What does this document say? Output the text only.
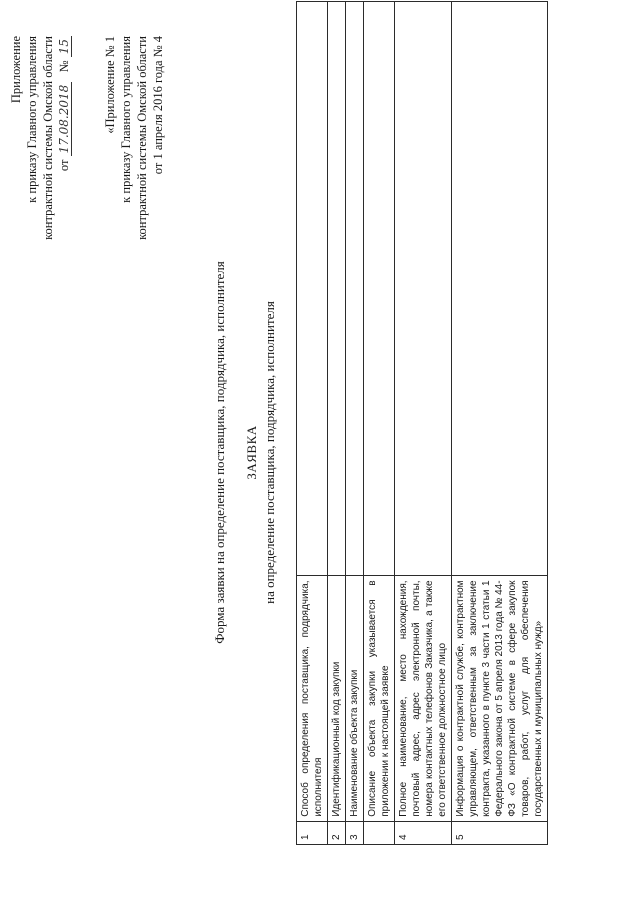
Приложение к приказу Главного управления контрактной системы Омской области от 17.08.2018   № 15	«Приложение № 1 к приказу Главного управления контрактной системы Омской области от 1 апреля 2016 года № 4
Форма заявки на определение поставщика, подрядчика, исполнителя ЗАЯВКА на определение поставщика, подрядчика, исполнителя
1	Способ определения поставщика, подрядчика, исполнителя	
2	Идентификационный код закупки	
3	Наименование объекта закупки	
	Описание объекта закупки указывается в приложении к настоящей заявке	
4	Полное наименование, место нахождения, почтовый адрес, адрес электронной почты, номера контактных телефонов Заказчика, а также его ответственное должностное лицо	
5	Информация о контрактной службе, контрактном управляющем, ответственным за заключение контракта, указанного в пункте 3 части 1 статьи 1 Федерального закона от 5 апреля 2013 года № 44-ФЗ «О контрактной системе в сфере закупок товаров, работ, услуг для обеспечения государственных и муниципальных нужд»	
